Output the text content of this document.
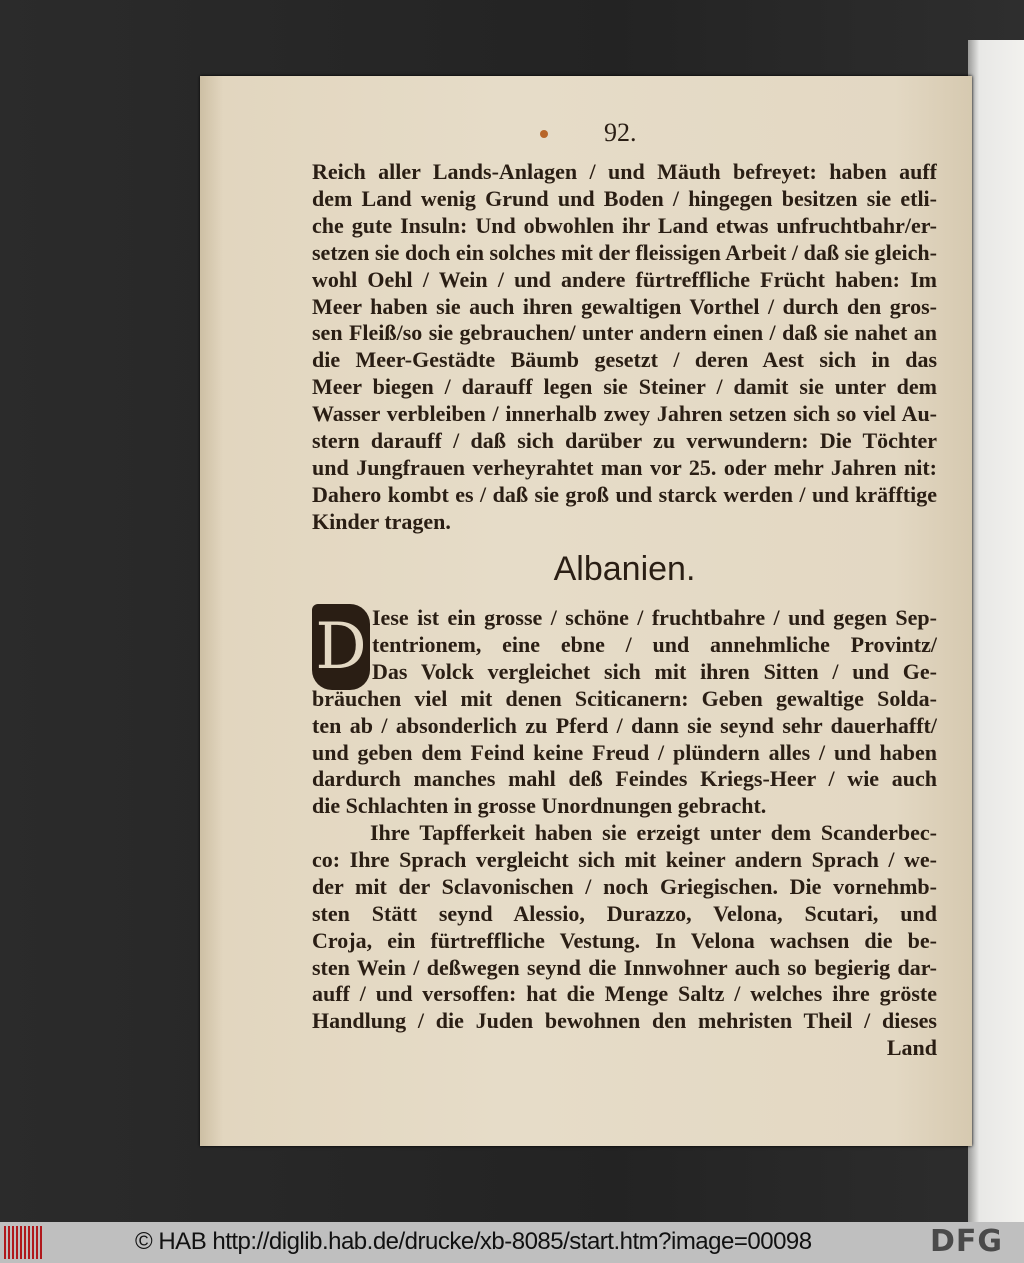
92.
Reich aller Lands-Anlagen / und Mäuth befreyet: haben auff
dem Land wenig Grund und Boden / hingegen besitzen sie etli-
che gute Insuln: Und obwohlen ihr Land etwas unfruchtbahr/er-
setzen sie doch ein solches mit der fleissigen Arbeit / daß sie gleich-
wohl Oehl / Wein / und andere fürtreffliche Frücht haben: Im
Meer haben sie auch ihren gewaltigen Vorthel / durch den gros-
sen Fleiß/so sie gebrauchen/ unter andern einen / daß sie nahet an
die Meer-Gestädte Bäumb gesetzt / deren Aest sich in das
Meer biegen / darauff legen sie Steiner / damit sie unter dem
Wasser verbleiben / innerhalb zwey Jahren setzen sich so viel Au-
stern darauff / daß sich darüber zu verwundern: Die Töchter
und Jungfrauen verheyrahtet man vor 25. oder mehr Jahren nit:
Dahero kombt es / daß sie groß und starck werden / und kräfftige
Kinder tragen.
Albanien.
D Iese ist ein grosse / schöne / fruchtbahre / und gegen Sep-
tentrionem, eine ebne / und annehmliche Provintz/
Das Volck vergleichet sich mit ihren Sitten / und Ge-
bräuchen viel mit denen Sciticanern: Geben gewaltige Solda-
ten ab / absonderlich zu Pferd / dann sie seynd sehr dauerhafft/
und geben dem Feind keine Freud / plündern alles / und haben
dardurch manches mahl deß Feindes Kriegs-Heer / wie auch
die Schlachten in grosse Unordnungen gebracht.
Ihre Tapfferkeit haben sie erzeigt unter dem Scanderbec-
co: Ihre Sprach vergleicht sich mit keiner andern Sprach / we-
der mit der Sclavonischen / noch Griegischen. Die vornehmb-
sten Stätt seynd Alessio, Durazzo, Velona, Scutari, und
Croja, ein fürtreffliche Vestung. In Velona wachsen die be-
sten Wein / deßwegen seynd die Innwohner auch so begierig dar-
auff / und versoffen: hat die Menge Saltz / welches ihre gröste
Handlung / die Juden bewohnen den mehristen Theil / dieses
Land
© HAB http://diglib.hab.de/drucke/xb-8085/start.htm?image=00098	DFG
